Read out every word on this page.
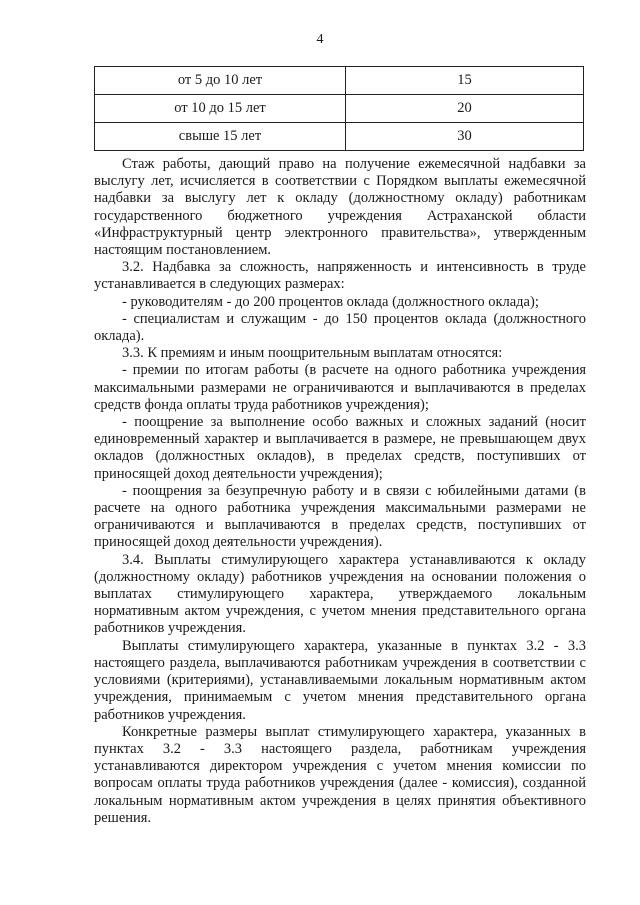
4
от 5 до 10 лет	15
от 10 до 15 лет	20
свыше 15 лет	30

Стаж работы, дающий право на получение ежемесячной надбавки за выслугу лет, исчисляется в соответствии с Порядком выплаты ежемесячной надбавки за выслугу лет к окладу (должностному окладу) работникам государственного бюджетного учреждения Астраханской области «Инфраструктурный центр электронного правительства», утвержденным настоящим постановлением.

3.2. Надбавка за сложность, напряженность и интенсивность в труде устанавливается в следующих размерах:

- руководителям - до 200 процентов оклада (должностного оклада);

- специалистам и служащим - до 150 процентов оклада (должностного оклада).

3.3. К премиям и иным поощрительным выплатам относятся:

- премии по итогам работы (в расчете на одного работника учреждения максимальными размерами не ограничиваются и выплачиваются в пределах средств фонда оплаты труда работников учреждения);

- поощрение за выполнение особо важных и сложных заданий (носит единовременный характер и выплачивается в размере, не превышающем двух окладов (должностных окладов), в пределах средств, поступивших от приносящей доход деятельности учреждения);

- поощрения за безупречную работу и в связи с юбилейными датами (в расчете на одного работника учреждения максимальными размерами не ограничиваются и выплачиваются в пределах средств, поступивших от приносящей доход деятельности учреждения).

3.4. Выплаты стимулирующего характера устанавливаются к окладу (должностному окладу) работников учреждения на основании положения о выплатах стимулирующего характера, утверждаемого локальным нормативным актом учреждения, с учетом мнения представительного органа работников учреждения.

Выплаты стимулирующего характера, указанные в пунктах 3.2 - 3.3 настоящего раздела, выплачиваются работникам учреждения в соответствии с условиями (критериями), устанавливаемыми локальным нормативным актом учреждения, принимаемым с учетом мнения представительного органа работников учреждения.

Конкретные размеры выплат стимулирующего характера, указанных в пунктах 3.2 - 3.3 настоящего раздела, работникам учреждения устанавливаются директором учреждения с учетом мнения комиссии по вопросам оплаты труда работников учреждения (далее - комиссия), созданной локальным нормативным актом учреждения в целях принятия объективного решения.
